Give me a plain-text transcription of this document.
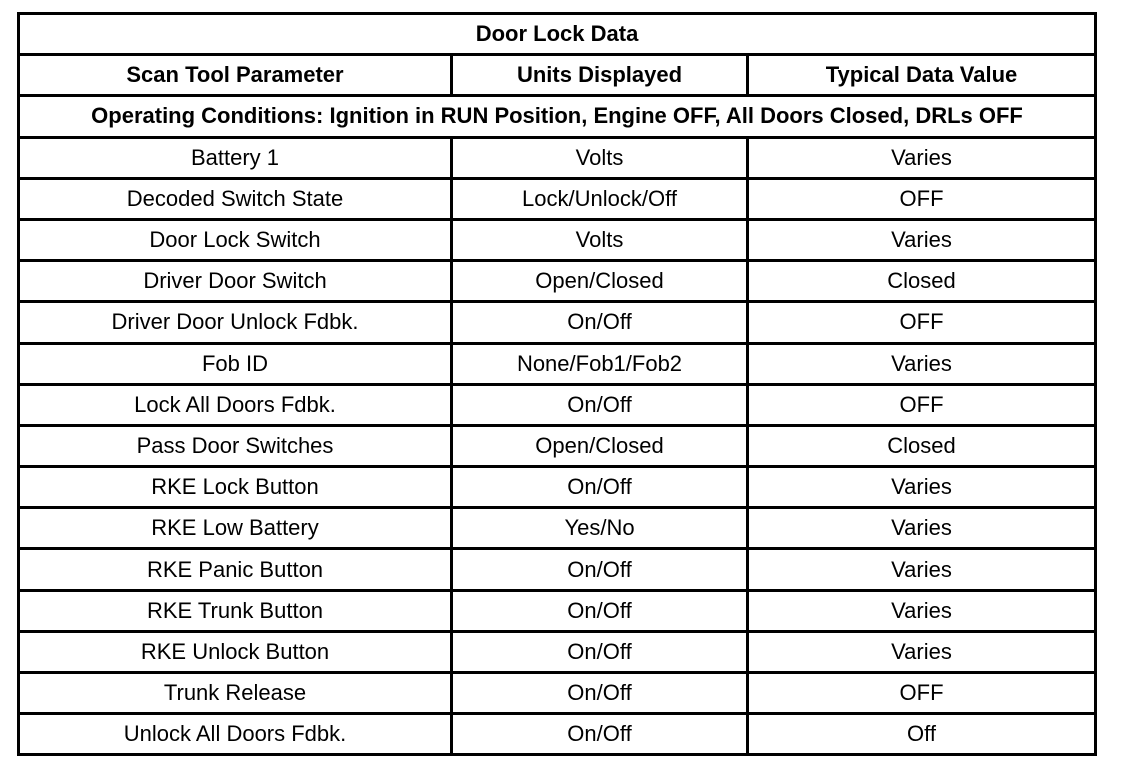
Door Lock Data		
Scan Tool Parameter	Units Displayed	Typical Data Value
Operating Conditions: Ignition in RUN Position, Engine OFF, All Doors Closed, DRLs OFF		
Battery 1	Volts	Varies
Decoded Switch State	Lock/Unlock/Off	OFF
Door Lock Switch	Volts	Varies
Driver Door Switch	Open/Closed	Closed
Driver Door Unlock Fdbk.	On/Off	OFF
Fob ID	None/Fob1/Fob2	Varies
Lock All Doors Fdbk.	On/Off	OFF
Pass Door Switches	Open/Closed	Closed
RKE Lock Button	On/Off	Varies
RKE Low Battery	Yes/No	Varies
RKE Panic Button	On/Off	Varies
RKE Trunk Button	On/Off	Varies
RKE Unlock Button	On/Off	Varies
Trunk Release	On/Off	OFF
Unlock All Doors Fdbk.	On/Off	Off
